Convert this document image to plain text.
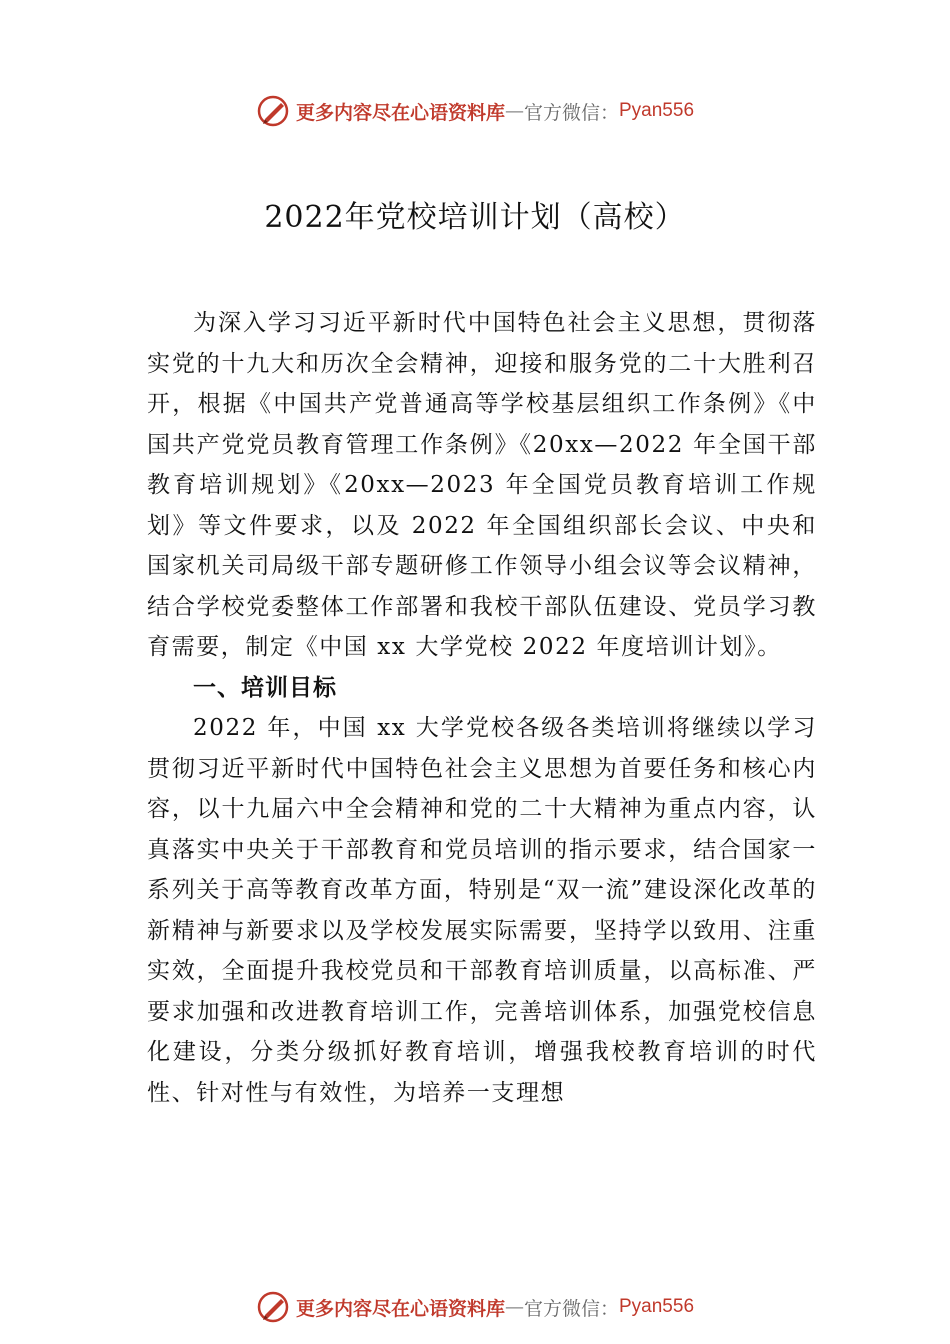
更多内容尽在心语资料库 — 官方微信： Pyan556
2022年党校培训计划（高校）

为深入学习习近平新时代中国特色社会主义思想，贯彻落实党的十九大和历次全会精神，迎接和服务党的二十大胜利召开，根据《中国共产党普通高等学校基层组织工作条例》《中国共产党党员教育管理工作条例》《20xx—2022 年全国干部教育培训规划》《20xx—2023 年全国党员教育培训工作规划》等文件要求，以及 2022 年全国组织部长会议、中央和国家机关司局级干部专题研修工作领导小组会议等会议精神，结合学校党委整体工作部署和我校干部队伍建设、党员学习教育需要，制定《中国 xx 大学党校 2022 年度培训计划》。

一、培训目标

2022 年，中国 xx 大学党校各级各类培训将继续以学习贯彻习近平新时代中国特色社会主义思想为首要任务和核心内容，以十九届六中全会精神和党的二十大精神为重点内容，认真落实中央关于干部教育和党员培训的指示要求，结合国家一系列关于高等教育改革方面，特别是“双一流”建设深化改革的新精神与新要求以及学校发展实际需要，坚持学以致用、注重实效，全面提升我校党员和干部教育培训质量，以高标准、严要求加强和改进教育培训工作，完善培训体系，加强党校信息化建设，分类分级抓好教育培训，增强我校教育培训的时代性、针对性与有效性，为培养一支理想

更多内容尽在心语资料库 — 官方微信： Pyan556
